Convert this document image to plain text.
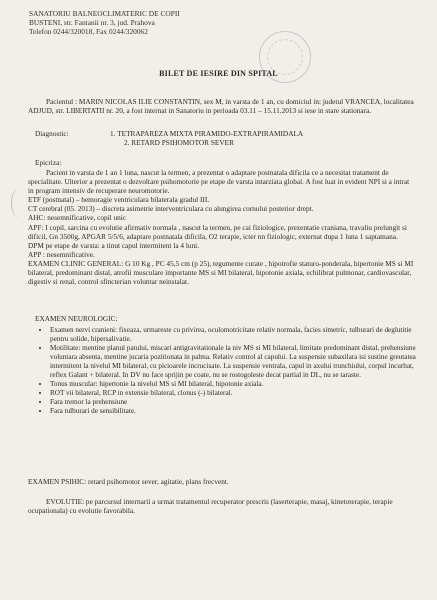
SANATORIU BALNEOCLIMATERIC DE COPII
BUSTENI, str. Fantanii nr. 3, jud. Prahova
Telefon 0244/320018, Fax 0244/320062
BILET DE IESIRE DIN SPITAL

Pacientul : MARIN NICOLAS ILIE CONSTANTIN, sex M, in varsta de 1 an, cu domiciul in: judetul VRANCEA, localitatea ADJUD, str. LIBERTATII nr. 20, a fost internat in Sanatoriu in perioada 03.11 – 15.11.2013 si iese in stare stationara.

Diagnostic:	1. TETRAPAREZA MIXTA PIRAMIDO-EXTRAPIRAMIDALA
2. RETARD PSIHOMOTOR SEVER
Epicriza:

Pacient in varsta de 1 an 1 luna, nascut la termen, a prezentat o adaptare postnatala dificila ce a necesitat tratament de specialitate. Ulterior a prezentat o dezvoltare psihomotorie pe etape de varsta intarziata global. A fost luat in evident NPI si a intrat in program intensiv de recuperare neuromotorie.

ETF (postnatal) – hemoragie ventriculara bilaterala gradul III.

CT cerebral (05. 2013) – discreta asimetrie interventriculara cu alungirea cornului posterior drept.

AHC: nesemnificative, copil unic

APF: I copil, sarcina cu evolutie afirmativ normala , nascut la termen, pe cai fiziologice, prezentatie craniana, travaliu prelungit si dificil, Gn 3500g, APGAR 5/5/6, adaptare postnatala dificila, O2 terapie, icter nn fiziologic, externat dupa 1 luna 1 saptamana.

DPM pe etape de varsta: a tinut capul intermitent la 4 luni.

APP : nesemnificative.

EXAMEN CLINIC GENERAL: G 10 Kg , PC 45,5 cm (p 25), tegumente curate , hipotrofie staturo-ponderala, hipertonie MS si MI bilateral, predominant distal, atrofii musculare importante MS si MI bilateral, hipotonie axiala, echilibrat pulmonar, cardiovascular, digestiv si renal, control sfincterian voluntar neinstalat.

EXAMEN NEUROLOGIC:
• Examen nervi cranieni: fixeaza, urmareste cu privirea, oculomotricitate relativ normala, facies simetric, tulburari de deglutitie pentru solide, hipersalivatie.
• Motilitate: mentine planul patului, miscari antigravitationale la niv MS si MI bilateral, limitate predominant distal, prehensiune voluntara absenta, mentine jucaria pozitionata in palma. Relativ control al capului. La suspensie subaxilara isi sustine greutatea intermitent la nivelul MI bilateral, cu picioarele incrucisate. La suspensie ventrala, capul in axului trunchiului, corpul incurbat, reflex Galant + bilateral. In DV nu face sprijin pe coate, nu se rostogoleste decat partial in DL, nu se taraste.
• Tonus muscular: hipertonie la nivelul MS si MI bilateral, hipotonie axiala.
• ROT vii bilateral, RCP in extensie bilateral, clonus (-) bilateral.
• Fara tremor la prehensiune
• Fara tulburari de sensibilitate.
EXAMEN PSIHIC: retard psihomotor sever, agitatie, plans frecvent.

EVOLUTIE: pe parcursul internarii a urmat tratamentul recuperator prescris (laserterapie, masaj, kinetoterapie, terapie ocupationala) cu evolutie favorabila.
